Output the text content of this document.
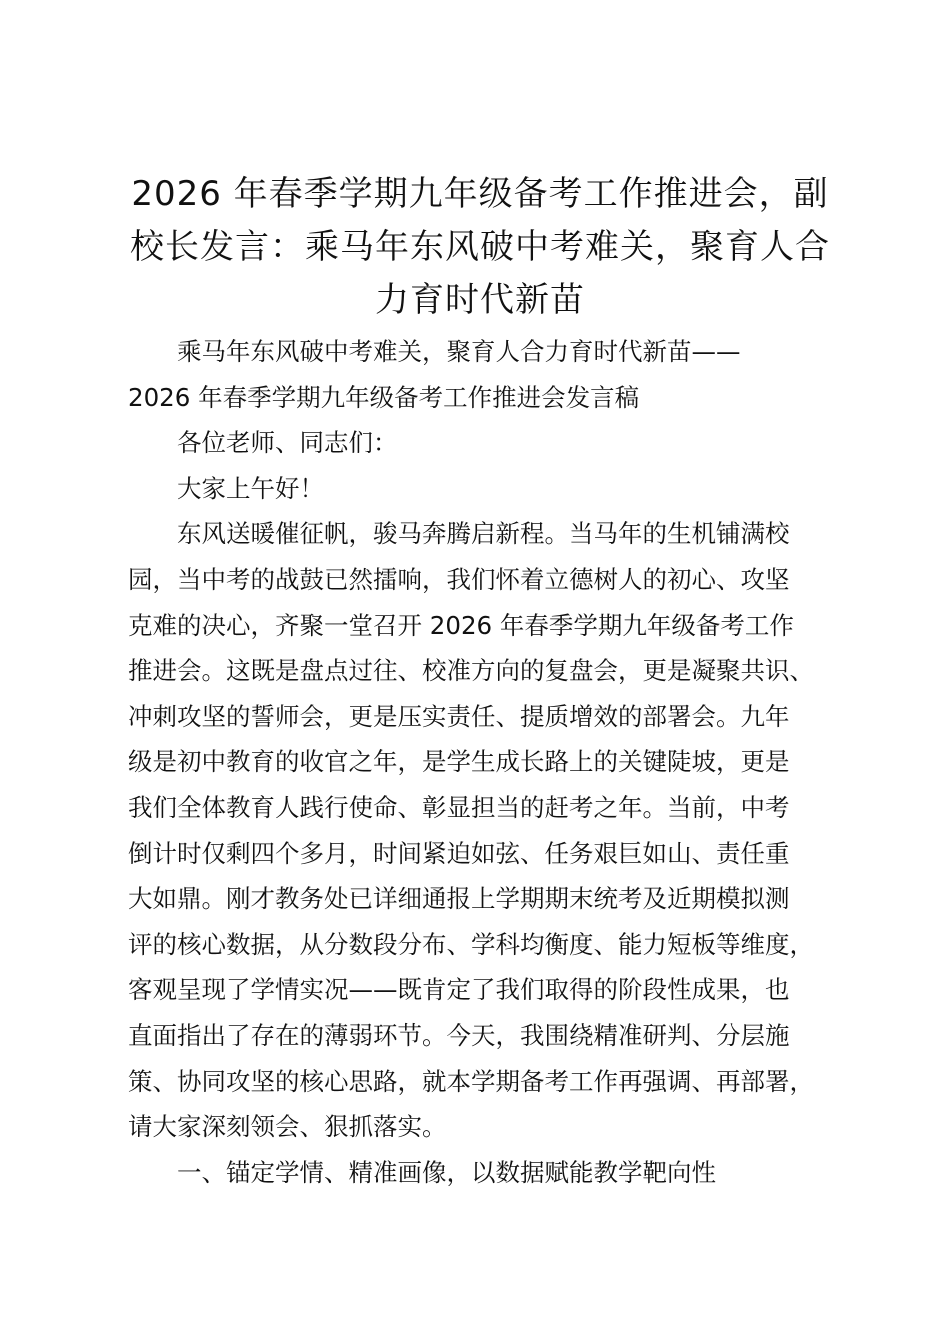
2026 年春季学期九年级备考工作推进会，副
校长发言：乘马年东风破中考难关，聚育人合
力育时代新苗

乘马年东风破中考难关，聚育人合力育时代新苗——
2026 年春季学期九年级备考工作推进会发言稿

各位老师、同志们：

大家上午好！

东风送暖催征帆，骏马奔腾启新程。当马年的生机铺满校
园，当中考的战鼓已然擂响，我们怀着立德树人的初心、攻坚
克难的决心，齐聚一堂召开 2026 年春季学期九年级备考工作
推进会。这既是盘点过往、校准方向的复盘会，更是凝聚共识、
冲刺攻坚的誓师会，更是压实责任、提质增效的部署会。九年
级是初中教育的收官之年，是学生成长路上的关键陡坡，更是
我们全体教育人践行使命、彰显担当的赶考之年。当前，中考
倒计时仅剩四个多月，时间紧迫如弦、任务艰巨如山、责任重
大如鼎。刚才教务处已详细通报上学期期末统考及近期模拟测
评的核心数据，从分数段分布、学科均衡度、能力短板等维度，
客观呈现了学情实况——既肯定了我们取得的阶段性成果，也
直面指出了存在的薄弱环节。今天，我围绕精准研判、分层施
策、协同攻坚的核心思路，就本学期备考工作再强调、再部署，
请大家深刻领会、狠抓落实。

一、锚定学情、精准画像，以数据赋能教学靶向性
